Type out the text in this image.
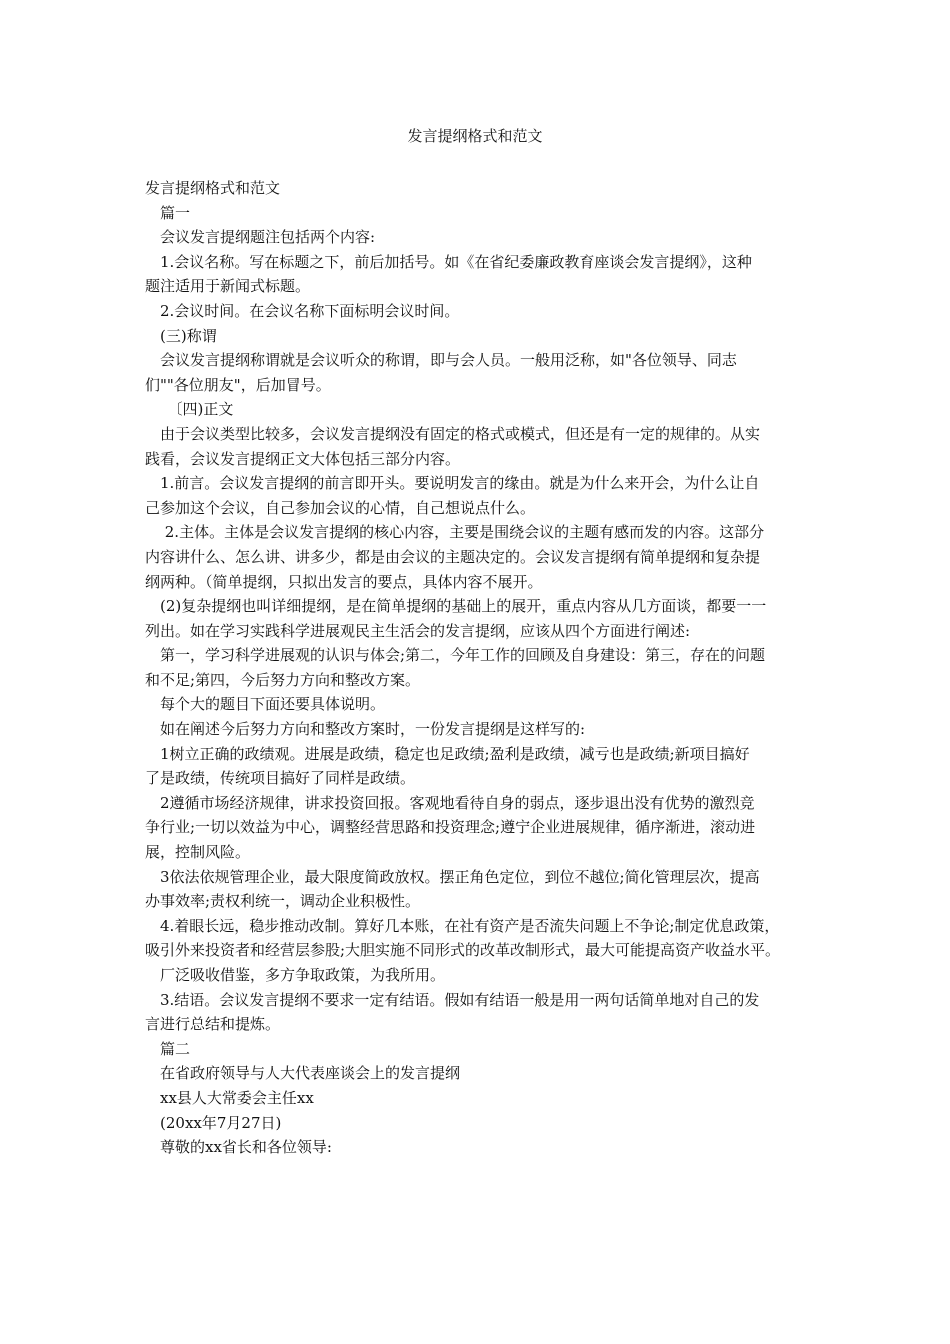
发言提纲格式和范文

发言提纲格式和范文

　篇一

　会议发言提纲题注包括两个内容:

　1.会议名称。写在标题之下，前后加括号。如《在省纪委廉政教育座谈会发言提纲》，这种

题注适用于新闻式标题。

　2.会议时间。在会议名称下面标明会议时间。

　(三)称谓

　会议发言提纲称谓就是会议听众的称谓，即与会人员。一般用泛称，如"各位领导、同志

们""各位朋友"，后加冒号。

　　〔四)正文

　由于会议类型比较多，会议发言提纲没有固定的格式或模式，但还是有一定的规律的。从实

践看，会议发言提纲正文大体包括三部分内容。

　1.前言。会议发言提纲的前言即开头。要说明发言的缘由。就是为什么来开会，为什么让自

己参加这个会议，自己参加会议的心情，自己想说点什么。

　 2.主体。主体是会议发言提纲的核心内容，主要是围绕会议的主题有感而发的内容。这部分

内容讲什么、怎么讲、讲多少，都是由会议的主题决定的。会议发言提纲有简单提纲和复杂提

纲两种。（简单提纲，只拟出发言的要点，具体内容不展开。

　(2)复杂提纲也叫详细提纲，是在简单提纲的基础上的展开，重点内容从几方面谈，都要一一

列出。如在学习实践科学进展观民主生活会的发言提纲，应该从四个方面进行阐述:

　第一，学习科学进展观的认识与体会;第二，今年工作的回顾及自身建设：第三，存在的问题

和不足;第四，今后努力方向和整改方案。

　每个大的题目下面还要具体说明。

　如在阐述今后努力方向和整改方案时，一份发言提纲是这样写的:

　1树立正确的政绩观。进展是政绩，稳定也足政绩;盈利是政绩，减亏也是政绩;新项目搞好

了是政绩，传统项目搞好了同样是政绩。

　2遵循市场经济规律，讲求投资回报。客观地看待自身的弱点，逐步退出没有优势的激烈竞

争行业;一切以效益为中心，调整经营思路和投资理念;遵宁企业进展规律，循序渐进，滚动进

展，控制风险。

　3依法依规管理企业，最大限度简政放权。摆正角色定位，到位不越位;简化管理层次，提高

办事效率;责权利统一，调动企业积极性。

　4.着眼长远，稳步推动改制。算好几本账，在社有资产是否流失问题上不争论;制定优息政策，

吸引外来投资者和经营层参股;大胆实施不同形式的改革改制形式，最大可能提高资产收益水平。

　厂泛吸收借鉴，多方争取政策，为我所用。

　3.结语。会议发言提纲不要求一定有结语。假如有结语一般是用一两句话简单地对自己的发

言进行总结和提炼。

　篇二

　在省政府领导与人大代表座谈会上的发言提纲

　xx县人大常委会主任xx

　(20xx年7月27日)

　尊敬的xx省长和各位领导:
